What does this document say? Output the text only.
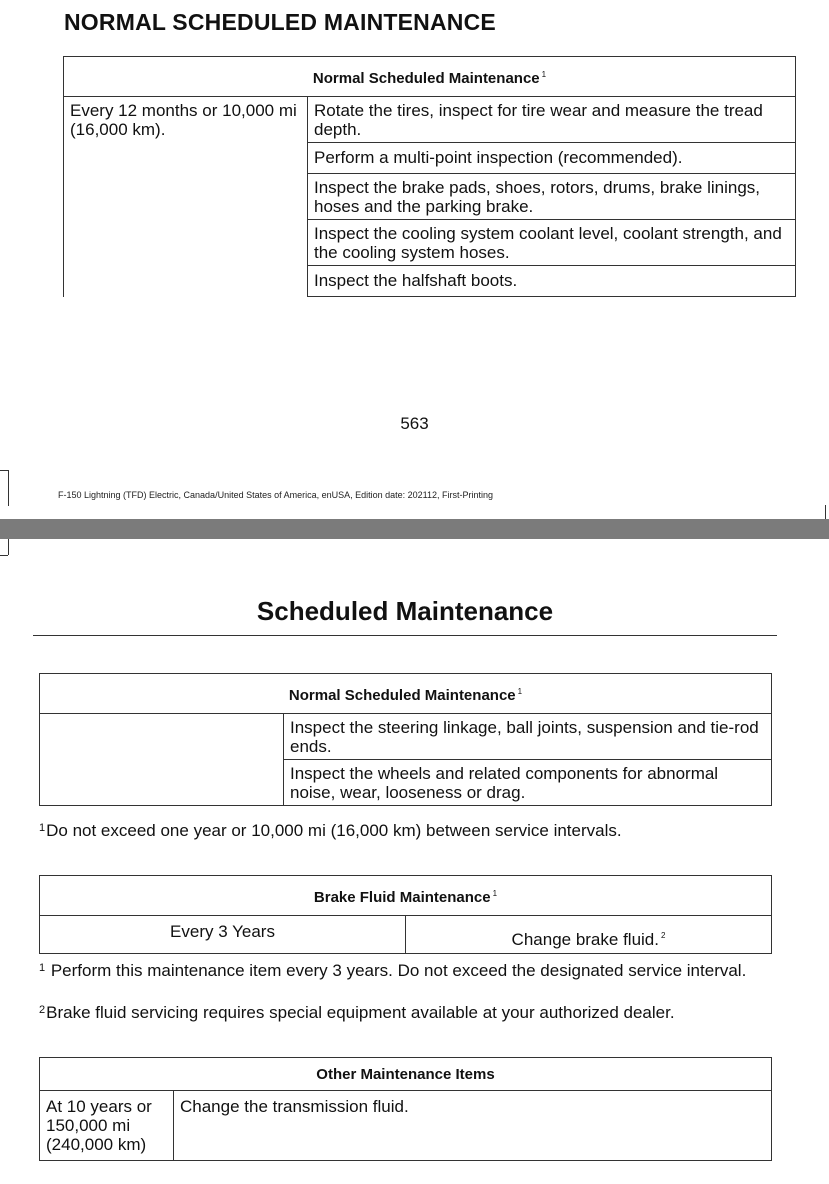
NORMAL SCHEDULED MAINTENANCE
Normal Scheduled Maintenance $^1$
Every 12 months or 10,000 mi (16,000 km).	Rotate the tires, inspect for tire wear and measure the tread depth.
Perform a multi-point inspection (recommended).
Inspect the brake pads, shoes, rotors, drums, brake linings, hoses and the parking brake.
Inspect the cooling system coolant level, coolant strength, and the cooling system hoses.
Inspect the halfshaft boots.
563
F-150 Lightning (TFD) Electric, Canada/United States of America, enUSA, Edition date: 202112, First-Printing
Scheduled Maintenance
Normal Scheduled Maintenance $^1$
	Inspect the steering linkage, ball joints, suspension and tie-rod ends.
Inspect the wheels and related components for abnormal noise, wear, looseness or drag.
$^1$Do not exceed one year or 10,000 mi (16,000 km) between service intervals.
Brake Fluid Maintenance $^1$
Every 3 Years	Change brake fluid. $^2$
$^1$ Perform this maintenance item every 3 years. Do not exceed the designated service interval.
$^2$Brake fluid servicing requires special equipment available at your authorized dealer.
Other Maintenance Items
At 10 years or 150,000 mi (240,000 km)	Change the transmission fluid.
